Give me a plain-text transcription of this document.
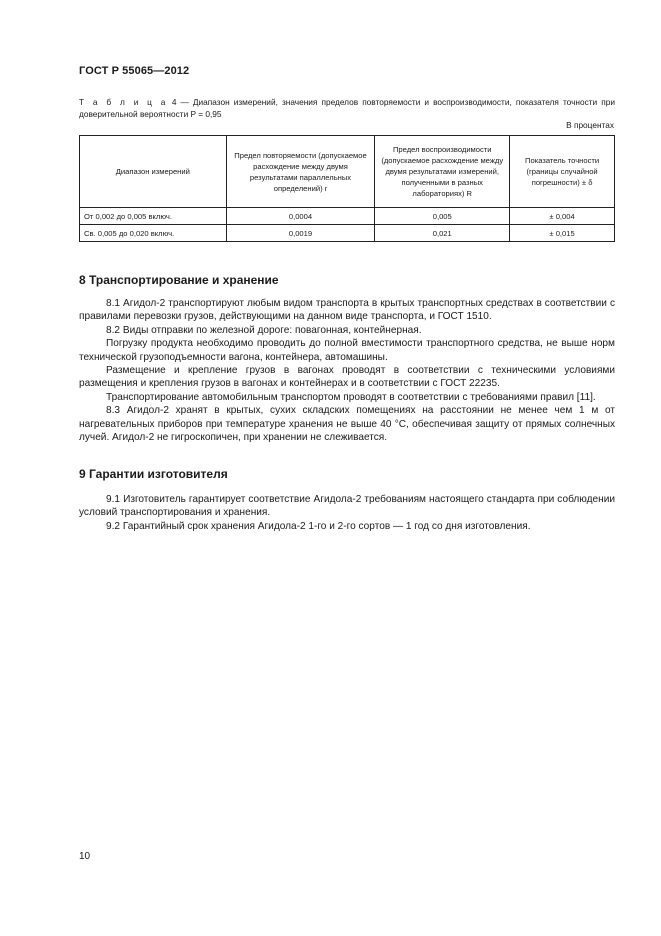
ГОСТ Р 55065—2012
Т а б л и ц а 4 — Диапазон измерений, значения пределов повторяемости и воспроизводимости, показателя точности при доверительной вероятности P = 0,95
В процентах
Диапазон измерений	Предел повторяемости (допускаемое расхождение между двумя результатами параллельных определений) r	Предел воспроизводимости (допускаемое расхождение между двумя результатами измерений, полученными в разных лабораториях) R	Показатель точности (границы случайной погрешности) ± δ
От 0,002 до 0,005 включ.	0,0004	0,005	± 0,004
Св. 0,005 до 0,020 включ.	0,0019	0,021	± 0,015
8 Транспортирование и хранение

8.1 Агидол-2 транспортируют любым видом транспорта в крытых транспортных средствах в соответствии с правилами перевозки грузов, действующими на данном виде транспорта, и ГОСТ 1510.

8.2 Виды отправки по железной дороге: повагонная, контейнерная.

Погрузку продукта необходимо проводить до полной вместимости транспортного средства, не выше норм технической грузоподъемности вагона, контейнера, автомашины.

Размещение и крепление грузов в вагонах проводят в соответствии с техническими условиями размещения и крепления грузов в вагонах и контейнерах и в соответствии с ГОСТ 22235.

Транспортирование автомобильным транспортом проводят в соответствии с требованиями правил [11].

8.3 Агидол-2 хранят в крытых, сухих складских помещениях на расстоянии не менее чем 1 м от нагревательных приборов при температуре хранения не выше 40 °С, обеспечивая защиту от прямых солнечных лучей. Агидол-2 не гигроскопичен, при хранении не слеживается.

9 Гарантии изготовителя

9.1 Изготовитель гарантирует соответствие Агидола-2 требованиям настоящего стандарта при соблюдении условий транспортирования и хранения.

9.2 Гарантийный срок хранения Агидола-2 1-го и 2-го сортов — 1 год со дня изготовления.

10
